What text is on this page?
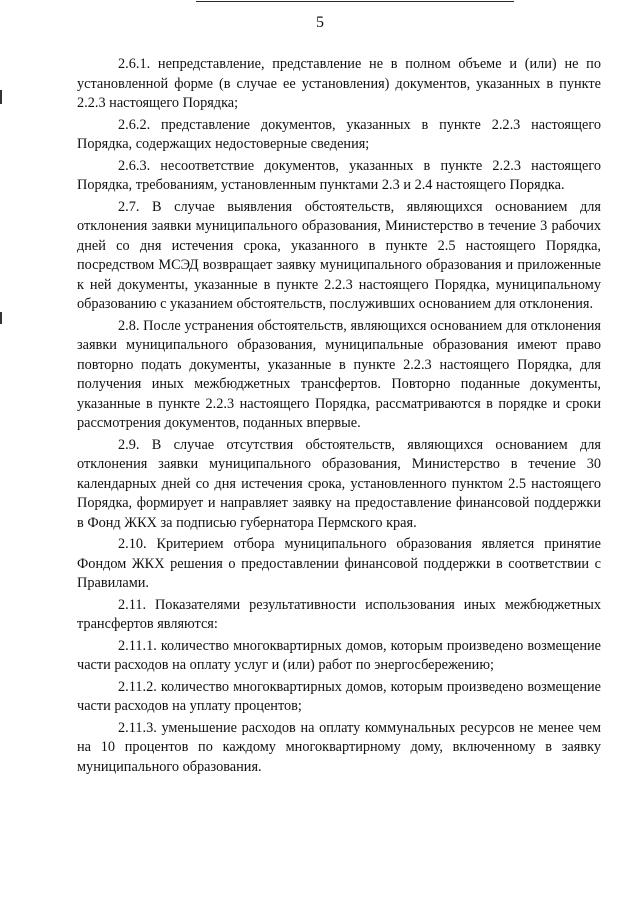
5

2.6.1. непредставление, представление не в полном объеме и (или) не по установленной форме (в случае ее установления) документов, указанных в пункте 2.2.3 настоящего Порядка;

2.6.2. представление документов, указанных в пункте 2.2.3 настоящего Порядка, содержащих недостоверные сведения;

2.6.3. несоответствие документов, указанных в пункте 2.2.3 настоящего Порядка, требованиям, установленным пунктами 2.3 и 2.4 настоящего Порядка.

2.7. В случае выявления обстоятельств, являющихся основанием для отклонения заявки муниципального образования, Министерство в течение 3 рабочих дней со дня истечения срока, указанного в пункте 2.5 настоящего Порядка, посредством МСЭД возвращает заявку муниципального образования и приложенные к ней документы, указанные в пункте 2.2.3 настоящего Порядка, муниципальному образованию с указанием обстоятельств, послуживших основанием для отклонения.

2.8. После устранения обстоятельств, являющихся основанием для отклонения заявки муниципального образования, муниципальные образования имеют право повторно подать документы, указанные в пункте 2.2.3 настоящего Порядка, для получения иных межбюджетных трансфертов. Повторно поданные документы, указанные в пункте 2.2.3 настоящего Порядка, рассматриваются в порядке и сроки рассмотрения документов, поданных впервые.

2.9. В случае отсутствия обстоятельств, являющихся основанием для отклонения заявки муниципального образования, Министерство в течение 30 календарных дней со дня истечения срока, установленного пунктом 2.5 настоящего Порядка, формирует и направляет заявку на предоставление финансовой поддержки в Фонд ЖКХ за подписью губернатора Пермского края.

2.10. Критерием отбора муниципального образования является принятие Фондом ЖКХ решения о предоставлении финансовой поддержки в соответствии с Правилами.

2.11. Показателями результативности использования иных межбюджетных трансфертов являются:

2.11.1. количество многоквартирных домов, которым произведено возмещение части расходов на оплату услуг и (или) работ по энергосбережению;

2.11.2. количество многоквартирных домов, которым произведено возмещение части расходов на уплату процентов;

2.11.3. уменьшение расходов на оплату коммунальных ресурсов не менее чем на 10 процентов по каждому многоквартирному дому, включенному в заявку муниципального образования.
